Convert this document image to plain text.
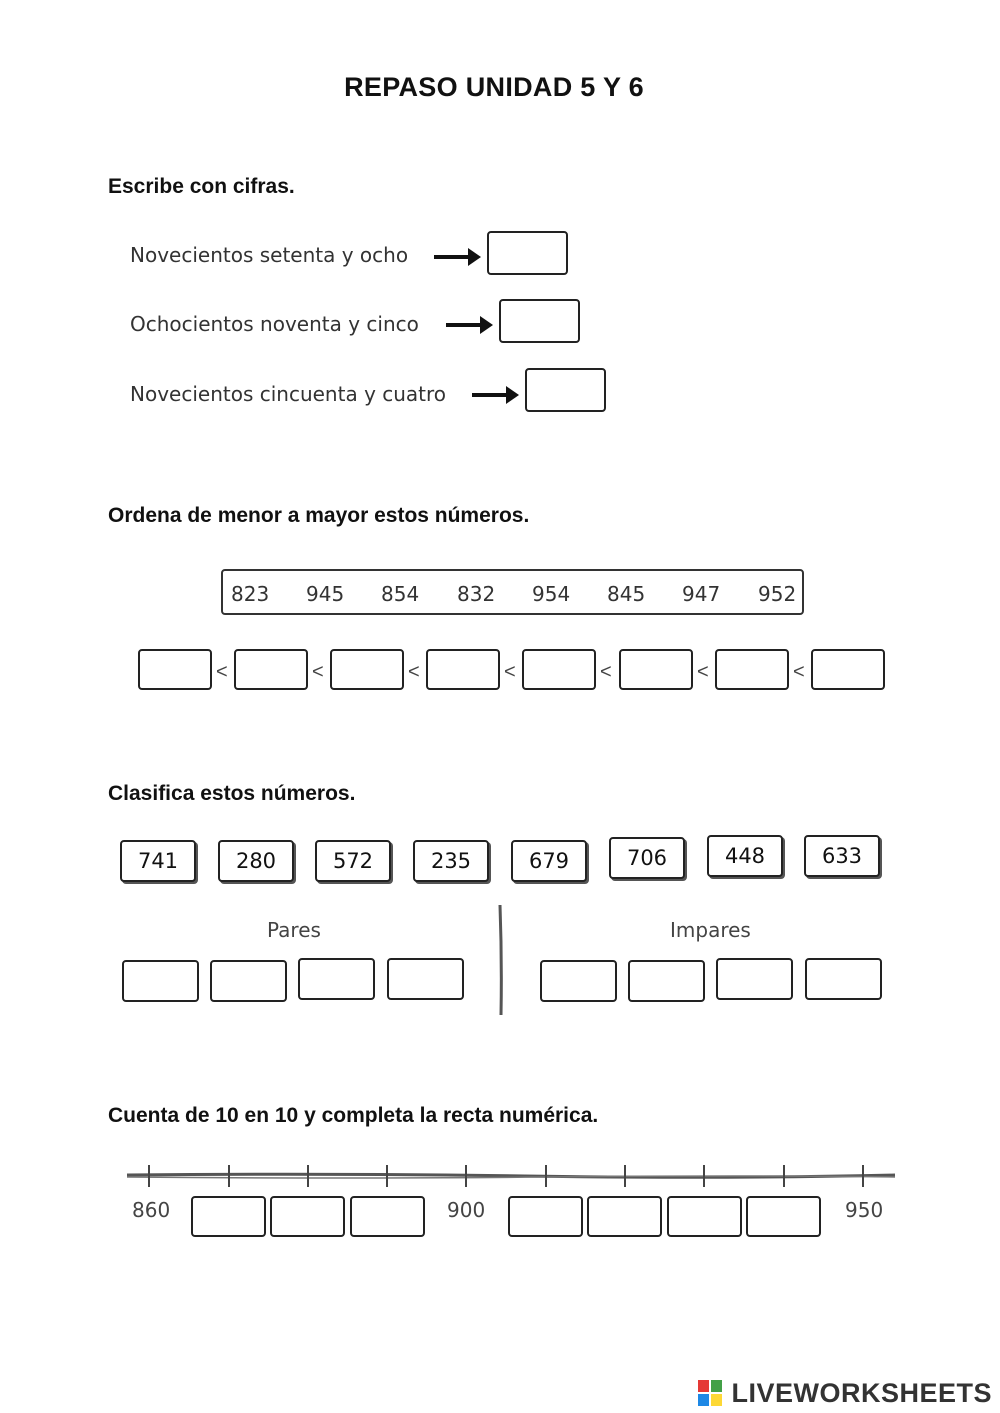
REPASO UNIDAD 5 Y 6
Escribe con cifras.
Novecientos setenta y ocho
Ochocientos noventa y cinco
Novecientos cincuenta y cuatro
Ordena de menor a mayor estos números.
823 945 854 832 954 845 947 952
<	<	<	<	<	<	<
Clasifica estos números.
741	280	572	235	679	706	448	633
Pares	Impares
Cuenta de 10 en 10 y completa la recta numérica.
860	900	950
LIVEWORKSHEETS
